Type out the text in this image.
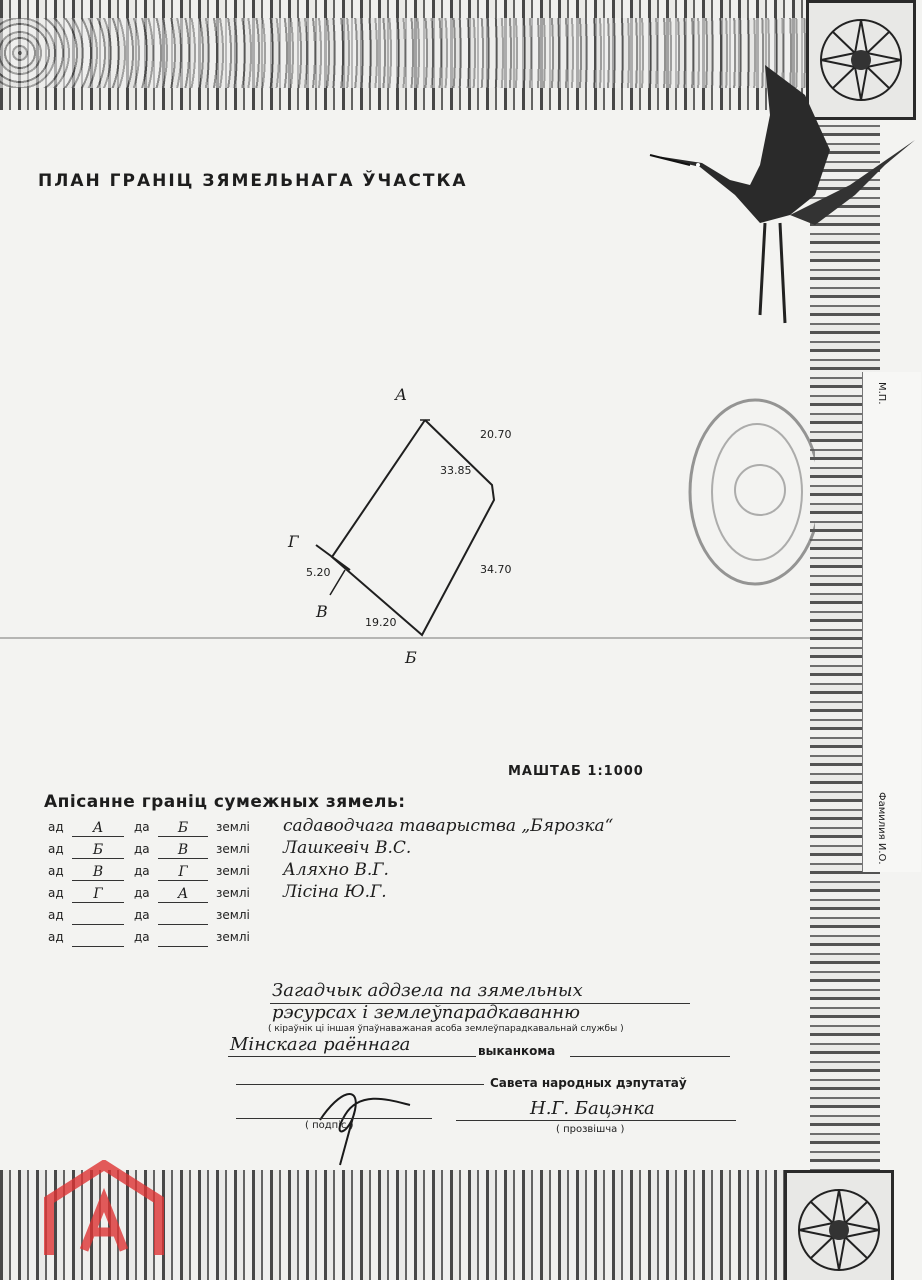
ПЛАН ГРАНІЦ ЗЯМЕЛЬНАГА ЎЧАСТКА
А
Б
В
Г
20.70
33.85
34.70
5.20
19.20
МАШТАБ 1:1000
Апісанне граніц сумежных зямель:
ад	А	да	Б	землі садаводчага таварыства „Бярозка“
ад	Б	да	В	землі Лашкевіч В.С.
ад	В	да	Г	землі Аляхно В.Г.
ад	Г	да	А	землі Лісіна Ю.Г.
ад	да	землі
ад	да	землі
Загадчык аддзела па зямельных
рэсурсах і землеўпарадкаванню
( кіраўнік ці іншая ўпаўнаважаная асоба землеўпарадкавальнай службы )
Мінскага раённага	выканкома
Савета народных дэпутатаў
( подпіс )
Н.Г. Бацэнка
( прозвішча )
М.П.
Фамилия И.О.
